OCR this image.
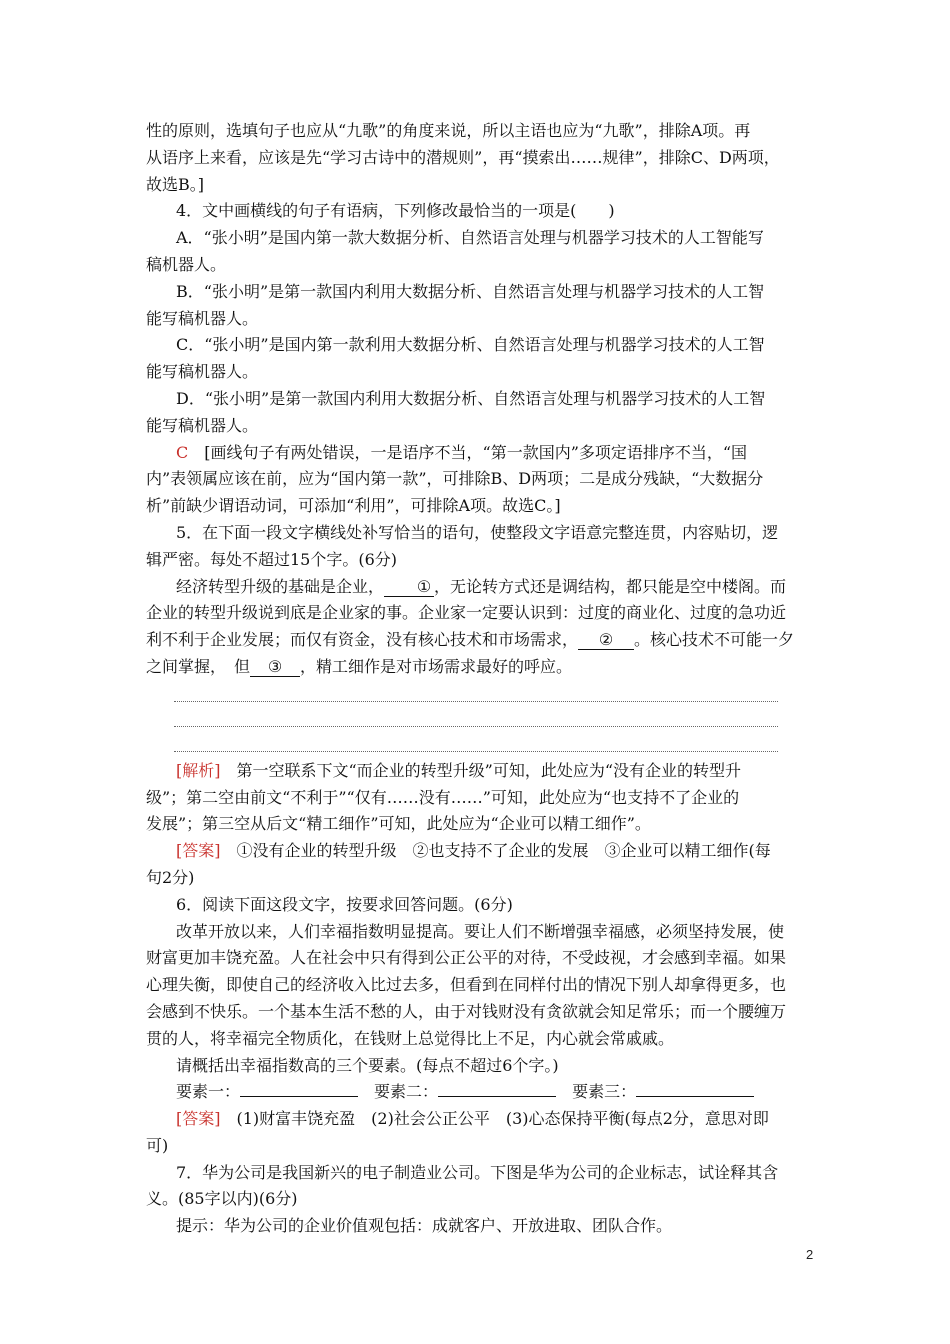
性的原则，选填句子也应从“九歌”的角度来说，所以主语也应为“九歌”，排除A项。再

从语序上来看，应该是先“学习古诗中的潜规则”，再“摸索出……规律”，排除C、D两项，

故选B。]

4．文中画横线的句子有语病，下列修改最恰当的一项是(　　)

A．“张小明”是国内第一款大数据分析、自然语言处理与机器学习技术的人工智能写

稿机器人。

B．“张小明”是第一款国内利用大数据分析、自然语言处理与机器学习技术的人工智

能写稿机器人。

C．“张小明”是国内第一款利用大数据分析、自然语言处理与机器学习技术的人工智

能写稿机器人。

D．“张小明”是第一款国内利用大数据分析、自然语言处理与机器学习技术的人工智

能写稿机器人。

C　 [画线句子有两处错误，一是语序不当，“第一款国内”多项定语排序不当，“国

内”表领属应该在前，应为“国内第一款”，可排除B、D两项；二是成分残缺，“大数据分

析”前缺少谓语动词，可添加“利用”，可排除A项。故选C。]

5．在下面一段文字横线处补写恰当的语句，使整段文字语意完整连贯，内容贴切，逻

辑严密。每处不超过15个字。(6分)

经济转型升级的基础是企业， ① ，无论转方式还是调结构，都只能是空中楼阁。而

企业的转型升级说到底是企业家的事。企业家一定要认识到：过度的商业化、过度的急功近

利不利于企业发展；而仅有资金，没有核心技术和市场需求， ② 。核心技术不可能一夕

之间掌握，　但 ③ ，精工细作是对市场需求最好的呼应。

[解析]　第一空联系下文“而企业的转型升级”可知，此处应为“没有企业的转型升

级”；第二空由前文“不利于”“仅有……没有……”可知，此处应为“也支持不了企业的

发展”；第三空从后文“精工细作”可知，此处应为“企业可以精工细作”。

[答案]　①没有企业的转型升级　②也支持不了企业的发展　③企业可以精工细作(每

句2分)

6．阅读下面这段文字，按要求回答问题。(6分)

改革开放以来，人们幸福指数明显提高。要让人们不断增强幸福感，必须坚持发展，使

财富更加丰饶充盈。人在社会中只有得到公正公平的对待，不受歧视，才会感到幸福。如果

心理失衡，即使自己的经济收入比过去多，但看到在同样付出的情况下别人却拿得更多，也

会感到不快乐。一个基本生活不愁的人，由于对钱财没有贪欲就会知足常乐；而一个腰缠万

贯的人，将幸福完全物质化，在钱财上总觉得比上不足，内心就会常戚戚。

请概括出幸福指数高的三个要素。(每点不超过6个字。)

要素一：　	要素二：　	要素三：

[答案]　(1)财富丰饶充盈　(2)社会公正公平　(3)心态保持平衡(每点2分，意思对即

可)

7．华为公司是我国新兴的电子制造业公司。下图是华为公司的企业标志，试诠释其含

义。(85字以内)(6分)

提示：华为公司的企业价值观包括：成就客户、开放进取、团队合作。

2
